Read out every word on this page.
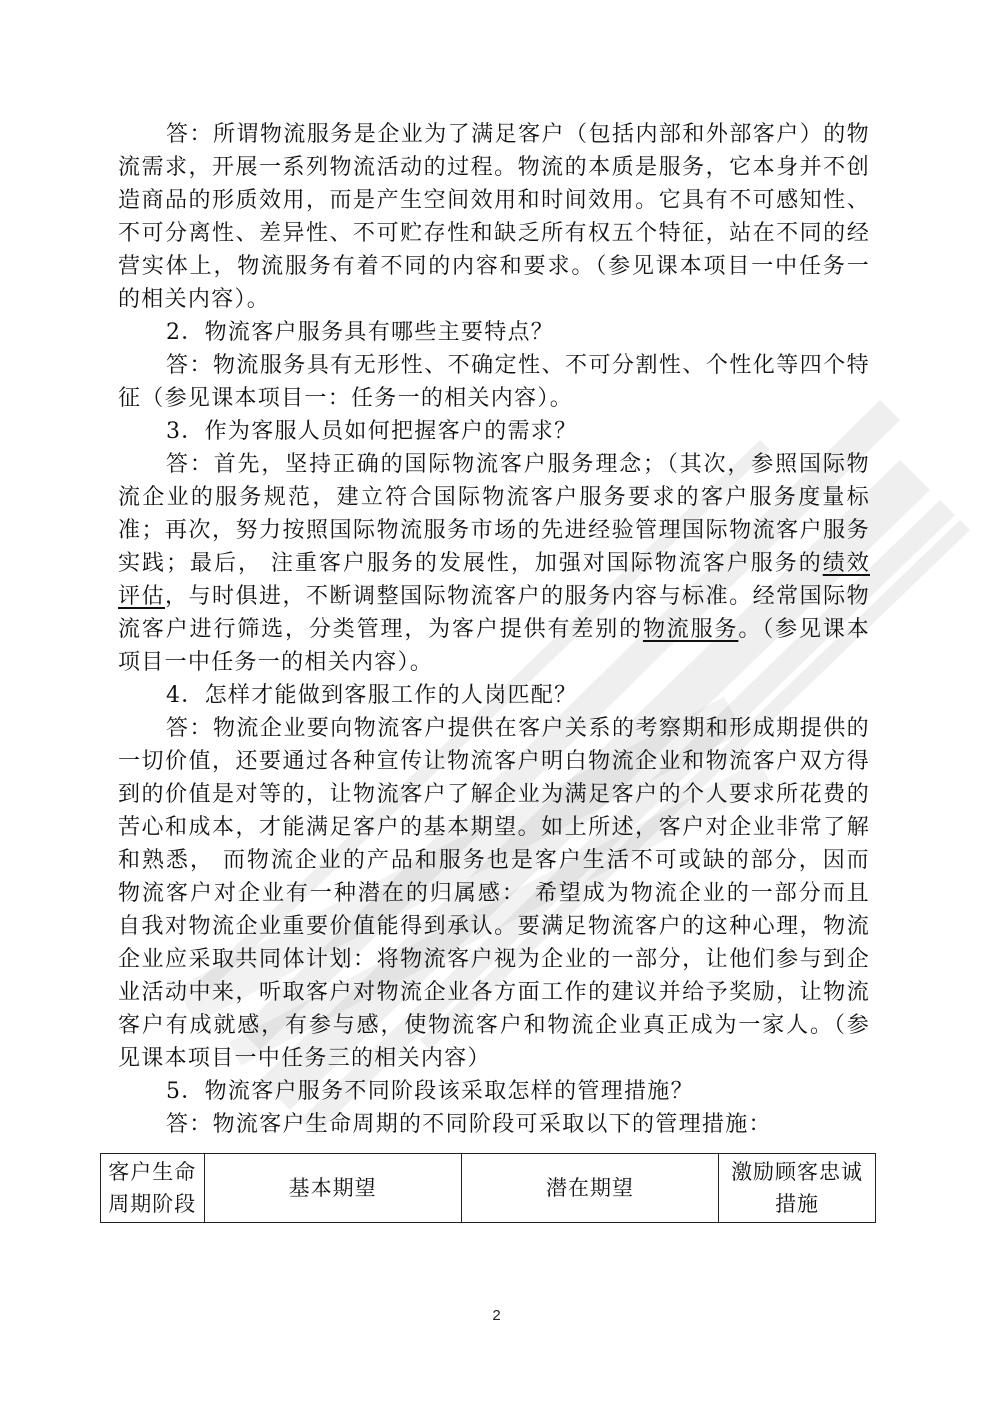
答：所谓物流服务是企业为了满足客户（包括内部和外部客户）的物流需求，开展一系列物流活动的过程。物流的本质是服务，它本身并不创造商品的形质效用，而是产生空间效用和时间效用。它具有不可感知性、不可分离性、差异性、不可贮存性和缺乏所有权五个特征，站在不同的经营实体上，物流服务有着不同的内容和要求。（参见课本项目一中任务一的相关内容）。
2．物流客户服务具有哪些主要特点？
答：物流服务具有无形性、不确定性、不可分割性、个性化等四个特征（参见课本项目一：任务一的相关内容）。
3．作为客服人员如何把握客户的需求？
答：首先，坚持正确的国际物流客户服务理念；（其次，参照国际物流企业的服务规范，建立符合国际物流客户服务要求的客户服务度量标准；再次，努力按照国际物流服务市场的先进经验管理国际物流客户服务实践；最后， 注重客户服务的发展性，加强对国际物流客户服务的绩效评估，与时俱进，不断调整国际物流客户的服务内容与标准。经常国际物流客户进行筛选，分类管理，为客户提供有差别的物流服务。（参见课本项目一中任务一的相关内容）。
4．怎样才能做到客服工作的人岗匹配？
答：物流企业要向物流客户提供在客户关系的考察期和形成期提供的一切价值，还要通过各种宣传让物流客户明白物流企业和物流客户双方得到的价值是对等的，让物流客户了解企业为满足客户的个人要求所花费的苦心和成本，才能满足客户的基本期望。如上所述，客户对企业非常了解和熟悉， 而物流企业的产品和服务也是客户生活不可或缺的部分，因而物流客户对企业有一种潜在的归属感： 希望成为物流企业的一部分而且自我对物流企业重要价值能得到承认。要满足物流客户的这种心理，物流企业应采取共同体计划：将物流客户视为企业的一部分，让他们参与到企业活动中来，听取客户对物流企业各方面工作的建议并给予奖励，让物流客户有成就感，有参与感，使物流客户和物流企业真正成为一家人。（参见课本项目一中任务三的相关内容）
5．物流客户服务不同阶段该采取怎样的管理措施？
答：物流客户生命周期的不同阶段可采取以下的管理措施：
客户生命周期阶段	基本期望	潜在期望	激励顾客忠诚措施
2
